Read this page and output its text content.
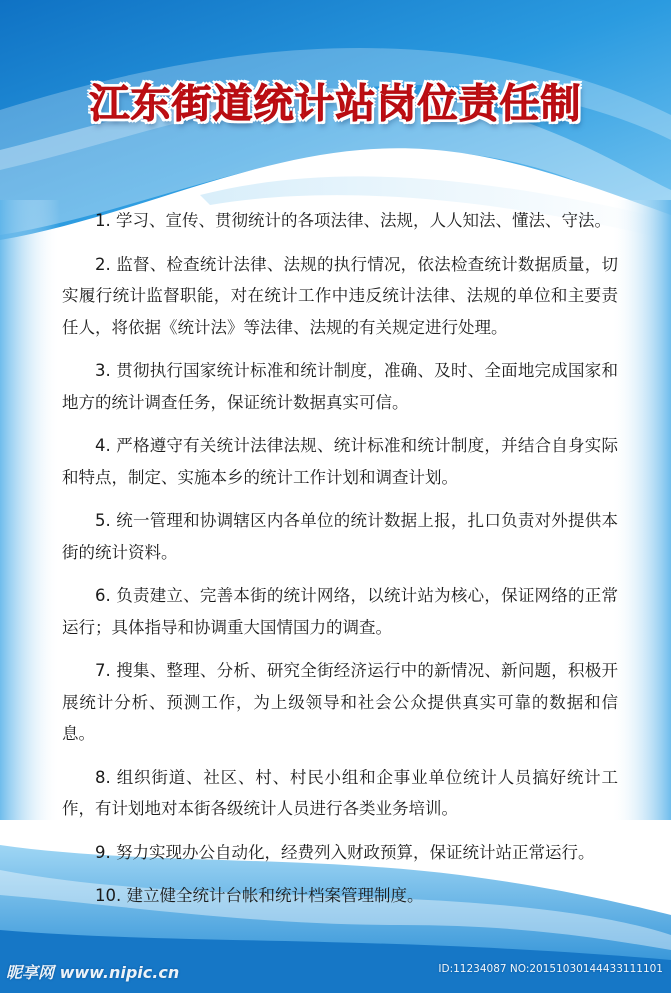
江东街道统计站岗位责任制

1. 学习、宣传、贯彻统计的各项法律、法规，人人知法、懂法、守法。

2. 监督、检查统计法律、法规的执行情况，依法检查统计数据质量，切实履行统计监督职能，对在统计工作中违反统计法律、法规的单位和主要责任人，将依据《统计法》等法律、法规的有关规定进行处理。

3. 贯彻执行国家统计标准和统计制度，准确、及时、全面地完成国家和地方的统计调查任务，保证统计数据真实可信。

4. 严格遵守有关统计法律法规、统计标准和统计制度，并结合自身实际和特点，制定、实施本乡的统计工作计划和调查计划。

5. 统一管理和协调辖区内各单位的统计数据上报，扎口负责对外提供本街的统计资料。

6. 负责建立、完善本街的统计网络，以统计站为核心，保证网络的正常运行；具体指导和协调重大国情国力的调查。

7. 搜集、整理、分析、研究全街经济运行中的新情况、新问题，积极开展统计分析、预测工作，为上级领导和社会公众提供真实可靠的数据和信息。

8. 组织街道、社区、村、村民小组和企事业单位统计人员搞好统计工作，有计划地对本街各级统计人员进行各类业务培训。

9. 努力实现办公自动化，经费列入财政预算，保证统计站正常运行。

10. 建立健全统计台帐和统计档案管理制度。

昵享网 www.nipic.cn	ID:11234087 NO:20151030144433111101
